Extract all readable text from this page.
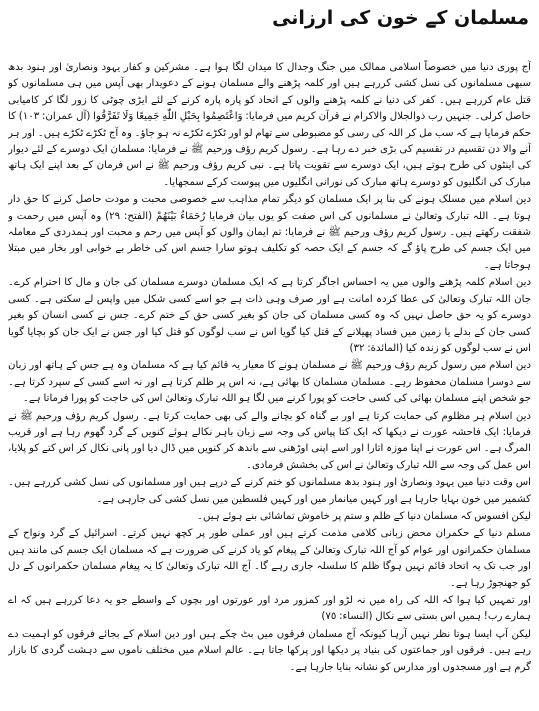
مسلمان کے خون کی ارزانی

آج پوری دنیا میں خصوصاً اسلامی ممالک میں جنگ وجدال کا میدان لگا ہوا ہے۔ مشرکین و کفار یہود ونصاریٰ اور ہنود بدھ سبھی مسلمانوں کی نسل کشی کررہے ہیں اور کلمہ پڑھنے والے مسلمان ہونے کے دعویدار بھی آپس میں ہی مسلمانوں کو قتل عام کررہے ہیں۔ کفر کی دنیا نے کلمہ پڑھنے والوں کے اتحاد کو پارہ پارہ کرنے کے لئے ایڑی چوٹی کا زور لگا کر کامیابی حاصل کرلی۔ جنہیں رب ذوالجلال والاکرام نے قرآن کریم میں فرمایا: وَاعْتَصِمُوا بِحَبْلِ اللّٰهِ جَمِيعًا وَلَا تَفَرَّقُوا (آل عمران: ١٠٣) کا حکم فرمایا ہے کہ سب مل کر اللہ کی رسی کو مضبوطی سے تھام لو اور ٹکڑے ٹکڑے نہ ہو جاؤ۔ وہ آج ٹکڑے ٹکڑے ہیں۔ اور ہر آنے والا دن تقسیم در تقسیم کی بڑی خبر دے رہا ہے۔ رسول کریم رؤف ورحیم ﷺ نے فرمایا: مسلمان ایک دوسرے کے لئے دیوار کی اینٹوں کی طرح ہوتے ہیں، ایک دوسرے سے تقویت پاتا ہے۔ نبی کریم رؤف ورحیم ﷺ نے اس فرمان کے بعد اپنے ایک ہاتھ مبارک کی انگلیوں کو دوسرے ہاتھ مبارک کی نورانی انگلیوں میں پیوست کرکے سمجھایا۔

دین اسلام میں مسلک ہونے کی بنا پر ایک مسلمان کو دیگر تمام مذاہب سے خصوصی محبت و مودت حاصل کرنے کا حق دار ہوتا ہے۔ اللہ تبارک وتعالیٰ نے مسلمانوں کی اس صفت کو یوں بیان فرمایا رُحَمَاءُ بَيْنَهُمْ (الفتح: ٢٩) وہ آپس میں رحمت و شفقت رکھتے ہیں۔ رسول کریم رؤف ورحیم ﷺ نے فرمایا: تم ایمان والوں کو آپس میں رحم و محبت اور ہمدردی کے معاملہ میں ایک جسم کی طرح پاؤ گے کہ جسم کے ایک حصہ کو تکلیف ہوتو سارا جسم اس کی خاطر بے خوابی اور بخار میں مبتلا ہوجاتا ہے۔

دین اسلام کلمہ پڑھنے والوں میں یہ احساس اجاگر کرتا ہے کہ ایک مسلمان دوسرے مسلمان کی جان و مال کا احترام کرے۔ جان اللہ تبارک وتعالیٰ کی عطا کردہ امانت ہے اور صرف وہی ذات ہے جو اسے کسی شکل میں واپس لے سکتی ہے۔ کسی دوسرے کو یہ حق حاصل نہیں کہ وہ کسی مسلمان کی جان کو بغیر کسی حق کے ختم کرے۔ جس نے کسی انسان کو بغیر کسی جان کے بدلے یا زمین میں فساد پھیلانے کے قتل کیا گویا اس نے سب لوگوں کو قتل کیا اور جس نے ایک جان کو بچایا گویا اس نے سب لوگوں کو زندہ کیا (المائدة: ٣٢)

دین اسلام میں رسول کریم رؤف ورحیم ﷺ نے مسلمان ہونے کا معیار یہ قائم کیا ہے کہ مسلمان وہ ہے جس کے ہاتھ اور زبان سے دوسرا مسلمان محفوظ رہے۔ مسلمان مسلمان کا بھائی ہے، نہ اس پر ظلم کرتا ہے اور نہ اسے کسی کے سپرد کرتا ہے۔ جو شخص اپنے مسلمان بھائی کی کسی حاجت کو پورا کرنے میں لگا ہو اللہ تبارک وتعالیٰ اس کی حاجت کو پورا فرماتا ہے۔

دین اسلام ہر مظلوم کی حمایت کرتا ہے اور بے گناہ کو بچانے والے کی بھی حمایت کرتا ہے۔ رسول کریم رؤف ورحیم ﷺ نے فرمایا: ایک فاحشہ عورت نے دیکھا کہ ایک کتا پیاس کی وجہ سے زبان باہر نکالے ہوئے کنویں کے گرد گھوم رہا ہے اور قریب المرگ ہے۔ اس عورت نے اپنا موزہ اتارا اور اسے اپنی اوڑھنی سے باندھ کر کنویں میں ڈال دیا اور پانی نکال کر اس کتے کو پلایا، اس عمل کی وجہ سے اللہ تبارک وتعالیٰ نے اس کی بخشش فرمادی۔

اس وقت دنیا میں یہود ونصاریٰ اور ہنود بدھ مسلمانوں کو ختم کرنے کے درپے ہیں اور مسلمانوں کی نسل کشی کررہے ہیں۔ کشمیر میں خون بہایا جارہا ہے اور کہیں میانمار میں اور کہیں فلسطین میں نسل کشی کی جارہی ہے۔

لیکن افسوس کہ مسلمان دنیا کے ظلم و ستم پر خاموش تماشائی بنے ہوئے ہیں۔

مسلم دنیا کے حکمران محض زبانی کلامی مذمت کرتے ہیں اور عملی طور پر کچھ نہیں کرتے۔ اسرائیل کے گرد ونواح کے مسلمان حکمرانوں اور عوام کو آج اللہ تبارک وتعالیٰ کے پیغام کو یاد کرنے کی ضرورت ہے کہ مسلمان ایک جسم کی مانند ہیں اور جب تک یہ اتحاد قائم نہیں ہوگا ظلم کا سلسلہ جاری رہے گا۔ آج اللہ تبارک وتعالیٰ کا یہ پیغام مسلمان حکمرانوں کے دل کو جھنجوڑ رہا ہے۔

اور تمہیں کیا ہوا کہ اللہ کی راہ میں نہ لڑو اور کمزور مرد اور عورتوں اور بچوں کے واسطے جو یہ دعا کررہے ہیں کہ اے ہمارے رب! ہمیں اس بستی سے نکال (النساء: ٧٥)

لیکن آپ ایسا ہوتا نظر نہیں آرہا کیونکہ آج مسلمان فرقوں میں بٹ چکے ہیں اور دین اسلام کے بجائے فرقوں کو اہمیت دے رہے ہیں۔ فرقوں اور جماعتوں کی بنیاد پر دیکھا اور پرکھا جاتا ہے۔ عالم اسلام میں مختلف ناموں سے دہشت گردی کا بازار گرم ہے اور مسجدوں اور مدارس کو نشانہ بنایا جارہا ہے۔
